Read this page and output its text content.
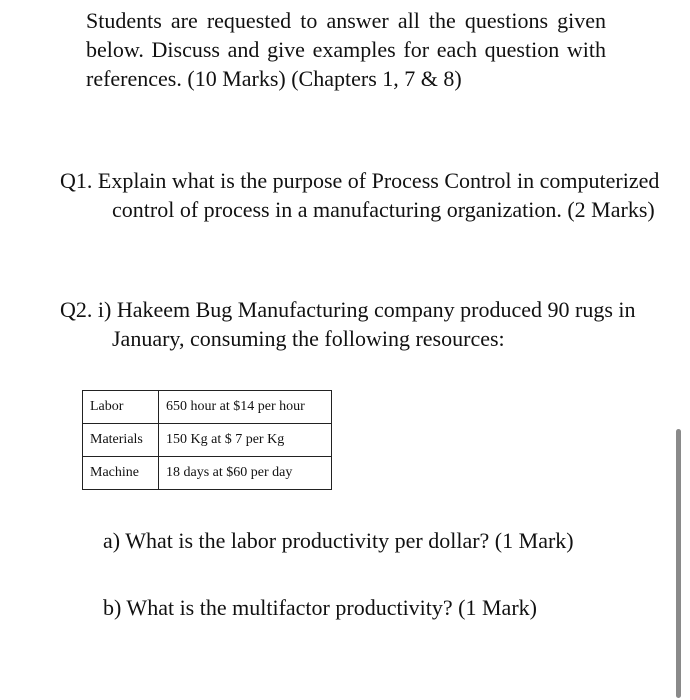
Students are requested to answer all the questions given below. Discuss and give examples for each question with references. (10 Marks) (Chapters 1, 7 & 8)
Q1. Explain what is the purpose of Process Control in computerized control of process in a manufacturing organization. (2 Marks)
Q2. i) Hakeem Bug Manufacturing company produced 90 rugs in January, consuming the following resources:
Labor	650 hour at $14 per hour
Materials	150 Kg at $ 7 per Kg
Machine	18 days at $60 per day
a) What is the labor productivity per dollar? (1 Mark)
b) What is the multifactor productivity? (1 Mark)
